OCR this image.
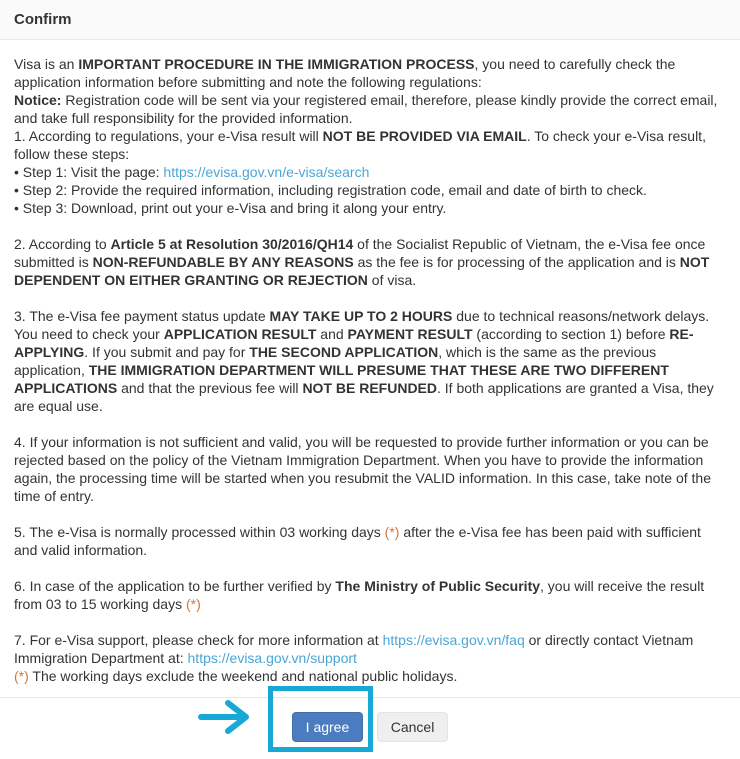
Confirm

Visa is an IMPORTANT PROCEDURE IN THE IMMIGRATION PROCESS, you need to carefully check the application information before submitting and note the following regulations:

Notice: Registration code will be sent via your registered email, therefore, please kindly provide the correct email, and take full responsibility for the provided information.

1. According to regulations, your e-Visa result will NOT BE PROVIDED VIA EMAIL. To check your e-Visa result, follow these steps:

• Step 1: Visit the page: https://evisa.gov.vn/e-visa/search

• Step 2: Provide the required information, including registration code, email and date of birth to check.

• Step 3: Download, print out your e-Visa and bring it along your entry.

2. According to Article 5 at Resolution 30/2016/QH14 of the Socialist Republic of Vietnam, the e-Visa fee once submitted is NON-REFUNDABLE BY ANY REASONS as the fee is for processing of the application and is NOT DEPENDENT ON EITHER GRANTING OR REJECTION of visa.

3. The e-Visa fee payment status update MAY TAKE UP TO 2 HOURS due to technical reasons/network delays. You need to check your APPLICATION RESULT and PAYMENT RESULT (according to section 1) before RE- APPLYING. If you submit and pay for THE SECOND APPLICATION, which is the same as the previous application, THE IMMIGRATION DEPARTMENT WILL PRESUME THAT THESE ARE TWO DIFFERENT APPLICATIONS and that the previous fee will NOT BE REFUNDED. If both applications are granted a Visa, they are equal use.

4. If your information is not sufficient and valid, you will be requested to provide further information or you can be rejected based on the policy of the Vietnam Immigration Department. When you have to provide the information again, the processing time will be started when you resubmit the VALID information. In this case, take note of the time of entry.

5. The e-Visa is normally processed within 03 working days (*) after the e-Visa fee has been paid with sufficient and valid information.

6. In case of the application to be further verified by The Ministry of Public Security, you will receive the result from 03 to 15 working days (*)

7. For e-Visa support, please check for more information at https://evisa.gov.vn/faq or directly contact Vietnam Immigration Department at: https://evisa.gov.vn/support

(*) The working days exclude the weekend and national public holidays.

I agree	Cancel
